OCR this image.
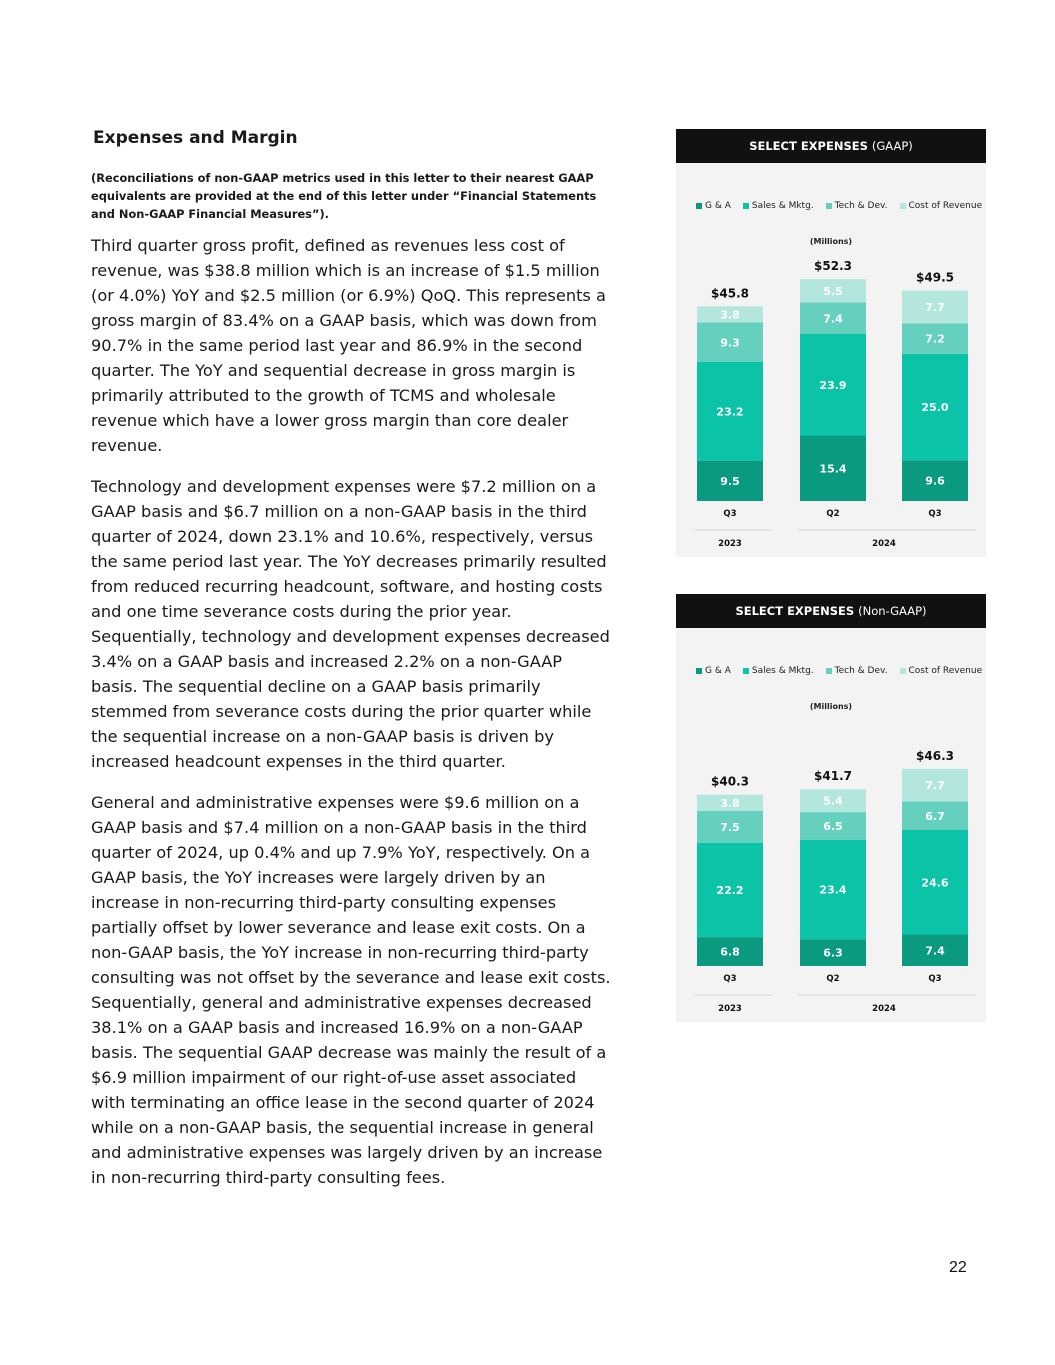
Expenses and Margin

(Reconciliations of non-GAAP metrics used in this letter to their nearest GAAP equivalents are provided at the end of this letter under “Financial Statements and Non-GAAP Financial Measures”).

Third quarter gross profit, defined as revenues less cost of revenue, was $38.8 million which is an increase of $1.5 million (or 4.0%) YoY and $2.5 million (or 6.9%) QoQ. This represents a gross margin of 83.4% on a GAAP basis, which was down from 90.7% in the same period last year and 86.9% in the second quarter. The YoY and sequential decrease in gross margin is primarily attributed to the growth of TCMS and wholesale revenue which have a lower gross margin than core dealer revenue.

Technology and development expenses were $7.2 million on a GAAP basis and $6.7 million on a non-GAAP basis in the third quarter of 2024, down 23.1% and 10.6%, respectively, versus the same period last year. The YoY decreases primarily resulted from reduced recurring headcount, software, and hosting costs and one time severance costs during the prior year. Sequentially, technology and development expenses decreased 3.4% on a GAAP basis and increased 2.2% on a non-GAAP basis. The sequential decline on a GAAP basis primarily stemmed from severance costs during the prior quarter while the sequential increase on a non-GAAP basis is driven by increased headcount expenses in the third quarter.

General and administrative expenses were $9.6 million on a GAAP basis and $7.4 million on a non-GAAP basis in the third quarter of 2024, up 0.4% and up 7.9% YoY, respectively. On a GAAP basis, the YoY increases were largely driven by an increase in non-recurring third-party consulting expenses partially offset by lower severance and lease exit costs. On a non-GAAP basis, the YoY increase in non-recurring third-party consulting was not offset by the severance and lease exit costs. Sequentially, general and administrative expenses decreased 38.1% on a GAAP basis and increased 16.9% on a non-GAAP basis. The sequential GAAP decrease was mainly the result of a $6.9 million impairment of our right-of-use asset associated with terminating an office lease in the second quarter of 2024 while on a non-GAAP basis, the sequential increase in general and administrative expenses was largely driven by an increase in non-recurring third-party consulting fees.

SELECT EXPENSES (GAAP)
G & A Sales & Mktg. Tech & Dev. Cost of Revenue
(Millions)
9.5
23.2
9.3
3.8
$45.8
Q3
15.4
23.9
7.4
5.5
$52.3
Q2
9.6
25.0
7.2
7.7
$49.5
Q3
2023	2024
SELECT EXPENSES (Non-GAAP)
G & A Sales & Mktg. Tech & Dev. Cost of Revenue
(Millions)
6.8
22.2
7.5
3.8
$40.3
Q3
6.3
23.4
6.5
5.4
$41.7
Q2
7.4
24.6
6.7
7.7
$46.3
Q3
2023	2024
22
